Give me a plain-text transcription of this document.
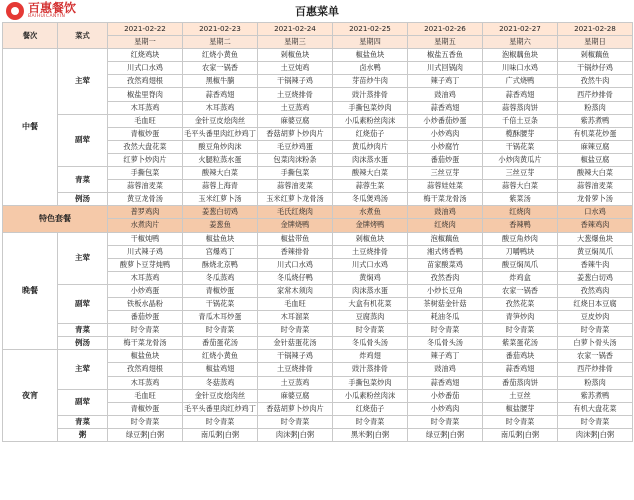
百惠餐饮
BAIHUICANYIN	百惠菜单
餐次	菜式	2021-02-22	2021-02-23	2021-02-24	2021-02-25	2021-02-26	2021-02-27	2021-02-28
		星期一	星期二	星期三	星期四	星期五	星期六	星期日
中餐	主荤	红烧鸡块	红烧小黄鱼	剁椒鱼块	椒盐鱼块	椒盐五香鱼	泡椒藕鱼块	剁椒藕鱼
		川式口水鸡	农家一锅香	土豆炖鸡	卤水鸭	川式回锅肉	川味口水鸡	干锅炒仔鸡
		孜然鸡翅根	黑椒牛腩	干锅辣子鸡	芽苗炒牛肉	辣子鸡丁	广式烧鸭	孜然牛肉
		椒盐里脊肉	蒜香鸡翅	土豆烧排骨	豉汁蒸排骨	豉油鸡	蒜香鸡翅	西芹炒排骨
		木耳蒸鸡	木耳蒸鸡	土豆蒸鸡	手撕包菜炒肉	蒜香鸡翅	蒜蓉蒸肉饼	粉蒸肉
	副荤	毛血旺	金针豆皮烩肉丝	麻婆豆腐	小瓜素粉丝肉沫	小炒番茄炒蛋	千倍土豆条	紫苏煮鸭
		青椒炒蛋	毛平头番里肉红炒鸡丁	香菇胡萝卜炒肉片	红烧茄子	小炒鸡肉	榄酥腰芽	有机菜花炒蛋
		孜然大盘花菜	酸豆角炒肉沫	毛豆炒鸡蛋	黄瓜炒肉片	小炒腐竹	干锅花菜	麻辣豆腐
		红萝卜炒肉片	火腿粒蒸水蛋	包菜肉沫粉条	肉沫蒸水蛋	番茄炒蛋	小炒肉黄瓜片	椒盐豆腐
	青菜	手撕包菜	酸辣大白菜	手撕包菜	酸辣大白菜	三丝豆芽	三丝豆芽	酸辣大白菜
		蒜蓉油麦菜	蒜蓉上海青	蒜蓉油麦菜	蒜蓉生菜	蒜蓉娃娃菜	蒜蓉大白菜	蒜蓉油麦菜
	例汤	黄豆龙骨汤	玉米红萝卜汤	玉米红萝卜龙骨汤	冬瓜煲鸡汤	梅干菜龙骨汤	紫菜汤	龙骨萝卜汤
特色套餐		普罗鸡肉	姜葱白切鸡	毛氏红烧肉	水煮鱼	豉油鸡	红烧肉	口水鸡
		水煮肉片	姜葱鱼	金牌烧鸭	金牌烤鸭	红烧肉	香辣鸭	香辣鸡肉
晚餐	主荤	干椒炖鸭	椒盐鱼块	椒盐带鱼	剁椒鱼块	泡椒藕鱼	酸豆角炒肉	大葱爆鱼块
		川式辣子鸡	宫爆鸡丁	香辣排骨	土豆烧排骨	湘式烤香鸭	刀嚼鸭块	黄豆焖凤爪
		酸萝卜豆芽炖鸭	酥烧北京鸭	川式口水鸡	川式口水鸡	苗家酸菜鸡	酸豆焖凤爪	香辣牛肉
		木耳蒸鸡	冬瓜蒸鸡	冬瓜烧仔鸭	黄焖鸡	孜然香肉	炸鸡盒	姜葱白切鸡
	副荤	小炒鸡蛋	青椒炒蛋	家常木须肉	肉沫蒸水蛋	小炒长豆角	农家一锅香	孜然鸡肉
		铁板水晶粉	干锅花菜	毛血旺	大盒有机花菜	茶树菇金针菇	孜然花菜	红烧日本豆腐
		番茄炒蛋	青瓜木耳炒蛋	木耳溜菜	豆腐蒸肉	耗油冬瓜	青笋炒肉	豆皮炒肉
	青菜	时令青菜	时令青菜	时令青菜	时令青菜	时令青菜	时令青菜	时令青菜
	例汤	梅干菜龙骨汤	番茄蛋花汤	金针菇蛋花汤	冬瓜骨头汤	冬瓜骨头汤	紫菜蛋花汤	白萝卜骨头汤
夜宵	主荤	椒盐鱼块	红烧小黄鱼	干锅辣子鸡	炸鸡翅	辣子鸡丁	番茄鸡块	农家一锅香
		孜然鸡翅根	椒盐鸡翅	土豆烧排骨	豉汁蒸排骨	豉油鸡	蒜香鸡翅	西芹炒排骨
		木耳蒸鸡	冬菇蒸鸡	土豆蒸鸡	手撕包菜炒肉	蒜香鸡翅	番茄蒸肉饼	粉蒸肉
	副荤	毛血旺	金针豆皮烩肉丝	麻婆豆腐	小瓜素粉丝肉沫	小炒番茄	土豆丝	紫苏煮鸭
		青椒炒蛋	毛平头番里肉红炒鸡丁	香菇胡萝卜炒肉片	红烧茄子	小炒鸡肉	椒盐腰芽	有机大盘花菜
	青菜	时令青菜	时令青菜	时令青菜	时令青菜	时令青菜	时令青菜	时令青菜
	粥	绿豆粥|白粥	南瓜粥|白粥	肉沫粥|白粥	黑米粥|白粥	绿豆粥|白粥	南瓜粥|白粥	肉沫粥|白粥
